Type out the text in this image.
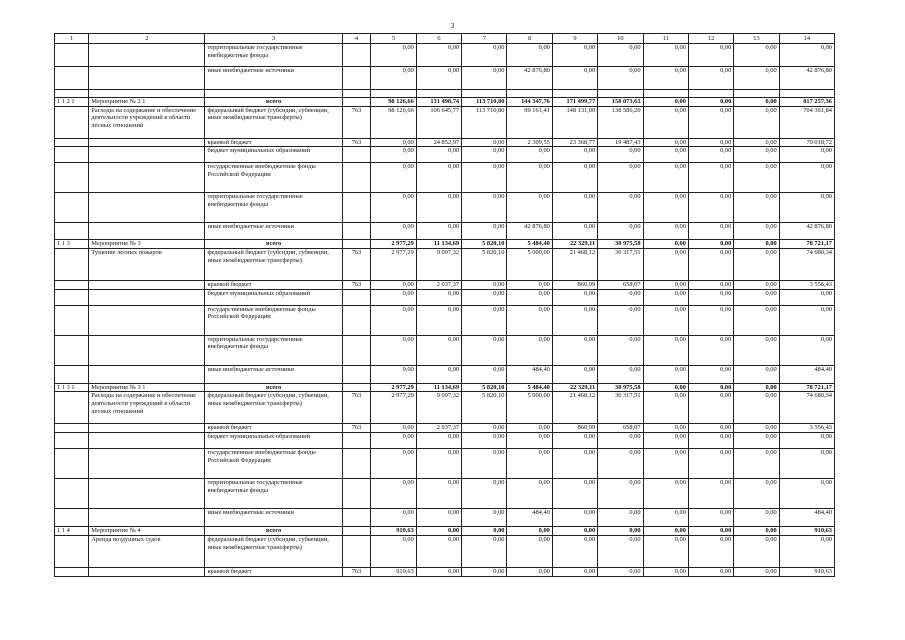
3
1	2	3	4	5	6	7	8	9	10	11	12	13	14
		территориальные государственные внебюджетные фонды		0,00	0,00	0,00	0,00	0,00	0,00	0,00	0,00	0,00	0,00
		иные внебюджетные источники		0,00	0,00	0,00	42 876,80	0,00	0,00	0,00	0,00	0,00	42 876,80

1 1 2 1	Мероприятие № 2 1	всего		98 126,66	131 498,74	113 710,80	144 347,76	171 499,77	158 073,63	0,00	0,00	0,00	817 257,36
	Расходы на содержание и обеспечение деятельности учреждений в области лесных отношений	федеральный бюджет (субсидии, субвенции, иные межбюджетные трансферты)	763	98 126,66	106 645,77	113 710,80	99 161,41	148 131,00	138 586,20	0,00	0,00	0,00	704 361,84
		краевой бюджет	763	0,00	24 852,97	0,00	2 309,55	23 368,77	19 487,43	0,00	0,00	0,00	70 018,72
		бюджет муниципальных образований		0,00	0,00	0,00	0,00	0,00	0,00	0,00	0,00	0,00	0,00
		государственные внебюджетные фонды Российской Федерации		0,00	0,00	0,00	0,00	0,00	0,00	0,00	0,00	0,00	0,00
		территориальные государственные внебюджетные фонды		0,00	0,00	0,00	0,00	0,00	0,00	0,00	0,00	0,00	0,00
		иные внебюджетные источники		0,00	0,00	0,00	42 876,80	0,00	0,00	0,00	0,00	0,00	42 876,80
1 1 3	Мероприятие № 3	всего		2 977,29	11 134,69	5 820,10	5 484,40	22 329,11	30 975,58	0,00	0,00	0,00	78 721,17
	Тушение лесных пожаров	федеральный бюджет (субсидии, субвенции, иные межбюджетные трансферты)	763	2 977,29	9 097,32	5 820,10	5 000,00	21 468,12	30 317,51	0,00	0,00	0,00	74 680,34
		краевой бюджет	763	0,00	2 037,37	0,00	0,00	860,99	658,07	0,00	0,00	0,00	3 556,43
		бюджет муниципальных образований		0,00	0,00	0,00	0,00	0,00	0,00	0,00	0,00	0,00	0,00
		государственные внебюджетные фонды Российской Федерации		0,00	0,00	0,00	0,00	0,00	0,00	0,00	0,00	0,00	0,00
		территориальные государственные внебюджетные фонды		0,00	0,00	0,00	0,00	0,00	0,00	0,00	0,00	0,00	0,00
		иные внебюджетные источники		0,00	0,00	0,00	484,40	0,00	0,00	0,00	0,00	0,00	484,40
1 1 3 1	Мероприятие № 3 1	всего		2 977,29	11 134,69	5 820,10	5 484,40	22 329,11	30 975,58	0,00	0,00	0,00	78 721,17
	Расходы на содержание и обеспечение деятельности учреждений в области лесных отношений	федеральный бюджет (субсидии, субвенции, иные межбюджетные трансферты)	763	2 977,29	9 097,32	5 820,10	5 000,00	21 468,12	30 317,51	0,00	0,00	0,00	74 680,34
		краевой бюджет	763	0,00	2 037,37	0,00	0,00	860,99	658,07	0,00	0,00	0,00	3 556,43
		бюджет муниципальных образований		0,00	0,00	0,00	0,00	0,00	0,00	0,00	0,00	0,00	0,00
		государственные внебюджетные фонды Российской Федерации		0,00	0,00	0,00	0,00	0,00	0,00	0,00	0,00	0,00	0,00
		территориальные государственные внебюджетные фонды		0,00	0,00	0,00	0,00	0,00	0,00	0,00	0,00	0,00	0,00
		иные внебюджетные источники		0,00	0,00	0,00	484,40	0,00	0,00	0,00	0,00	0,00	484,40
1 1 4	Мероприятие № 4	всего		910,63	0,00	0,00	0,00	0,00	0,00	0,00	0,00	0,00	910,63
	Аренда воздушных судов	федеральный бюджет (субсидии, субвенции, иные межбюджетные трансферты)		0,00	0,00	0,00	0,00	0,00	0,00	0,00	0,00	0,00	0,00
		краевой бюджет	763	910,63	0,00	0,00	0,00	0,00	0,00	0,00	0,00	0,00	910,63
